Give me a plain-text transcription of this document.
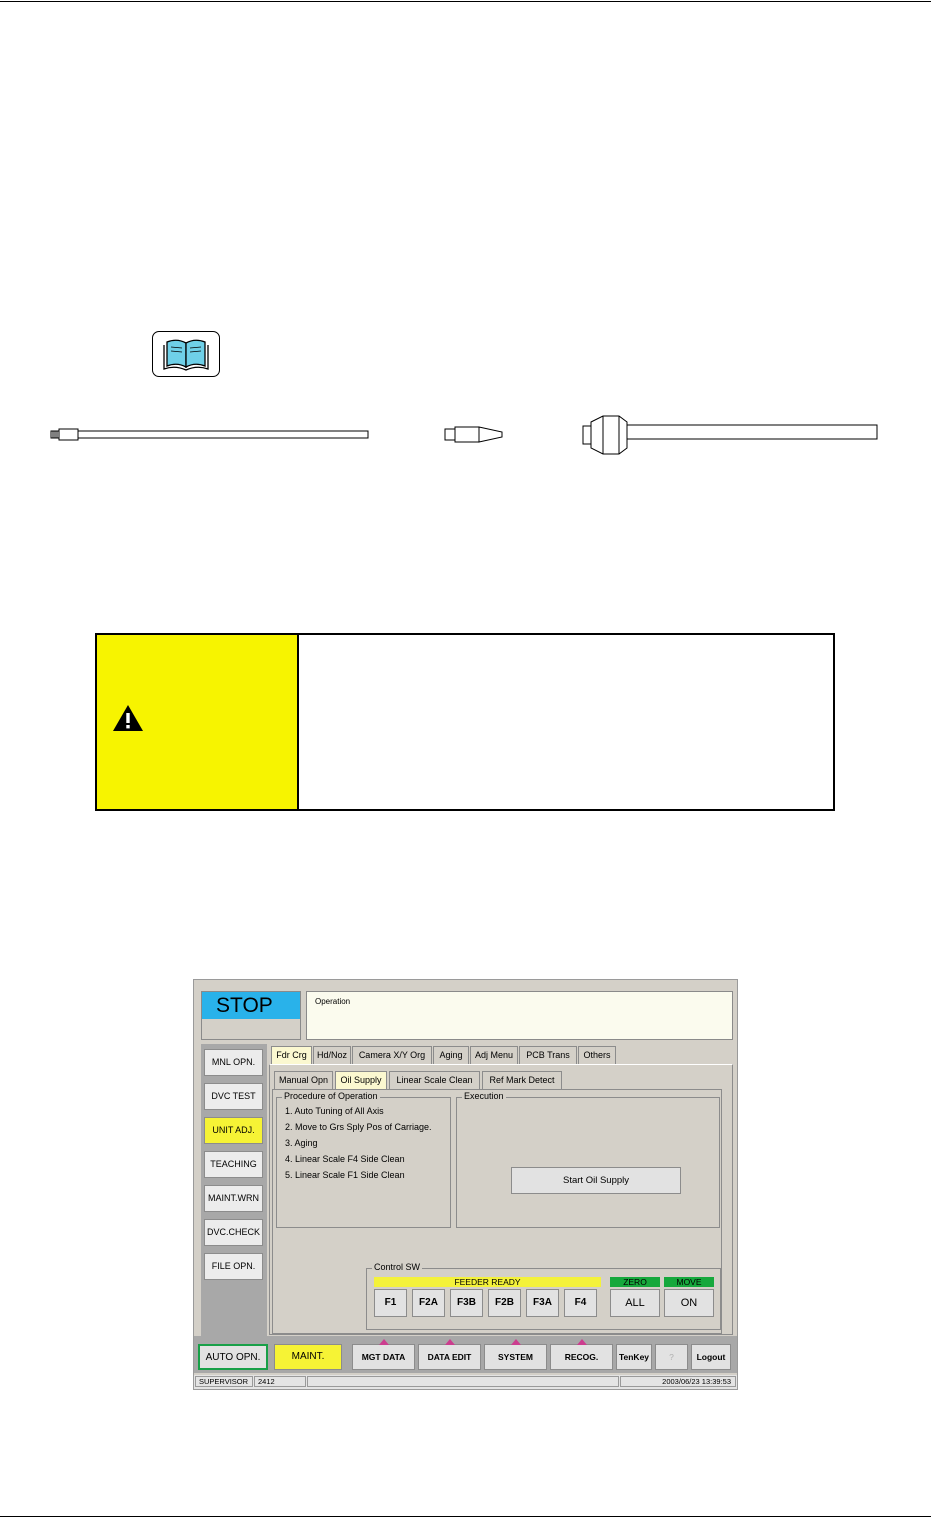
STOP	Operation
MNL OPN.
DVC TEST
UNIT ADJ.
TEACHING
MAINT.WRN
DVC.CHECK
FILE OPN.
Fdr Crg	Hd/Noz	Camera X/Y Org	Aging	Adj Menu	PCB Trans	Others
Manual Opn	Oil Supply	Linear Scale Clean	Ref Mark Detect
Procedure of Operation
1. Auto Tuning of All Axis
2. Move to Grs Sply Pos of Carriage.
3. Aging
4. Linear Scale F4 Side Clean
5. Linear Scale F1 Side Clean
Execution
Start Oil Supply
Control SW
FEEDER READY
F1	F2A	F3B	F2B	F3A	F4
ZERO
ALL
MOVE
ON
AUTO OPN.	MAINT.	MGT DATA	DATA EDIT	SYSTEM	RECOG.	TenKey	?	Logout
SUPERVISOR	2412	2003/06/23 13:39:53
